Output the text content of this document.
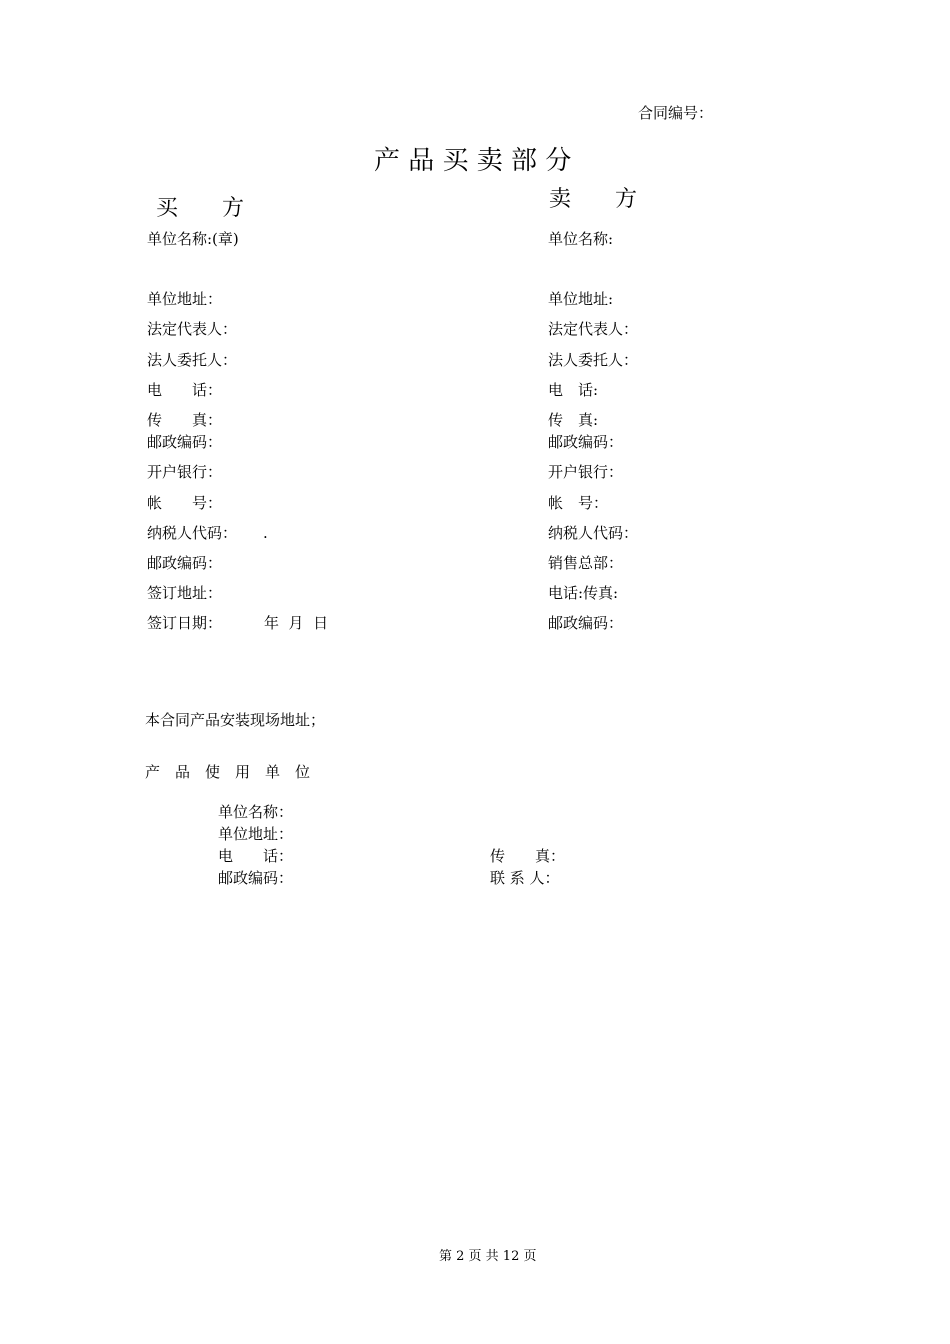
合同编号：
产 品 买 卖 部 分
买　　方
单位名称:(章)
单位地址：
法定代表人：
法人委托人：
电　　话：
传　　真：
邮政编码：
开户银行：
帐　　号：
纳税人代码： .
邮政编码：
签订地址：
签订日期：	年  月  日
卖　　方
单位名称:
单位地址:
法定代表人：
法人委托人：
电　话:
传　真:
邮政编码：
开户银行：
帐　号：
纳税人代码：
销售总部：
电话:传真:
邮政编码：
本合同产品安装现场地址；
产　品　使　用　单　位
单位名称：
单位地址：
电　　话：	传　　真：
邮政编码：	联 系 人：
第 2 页 共 12 页
